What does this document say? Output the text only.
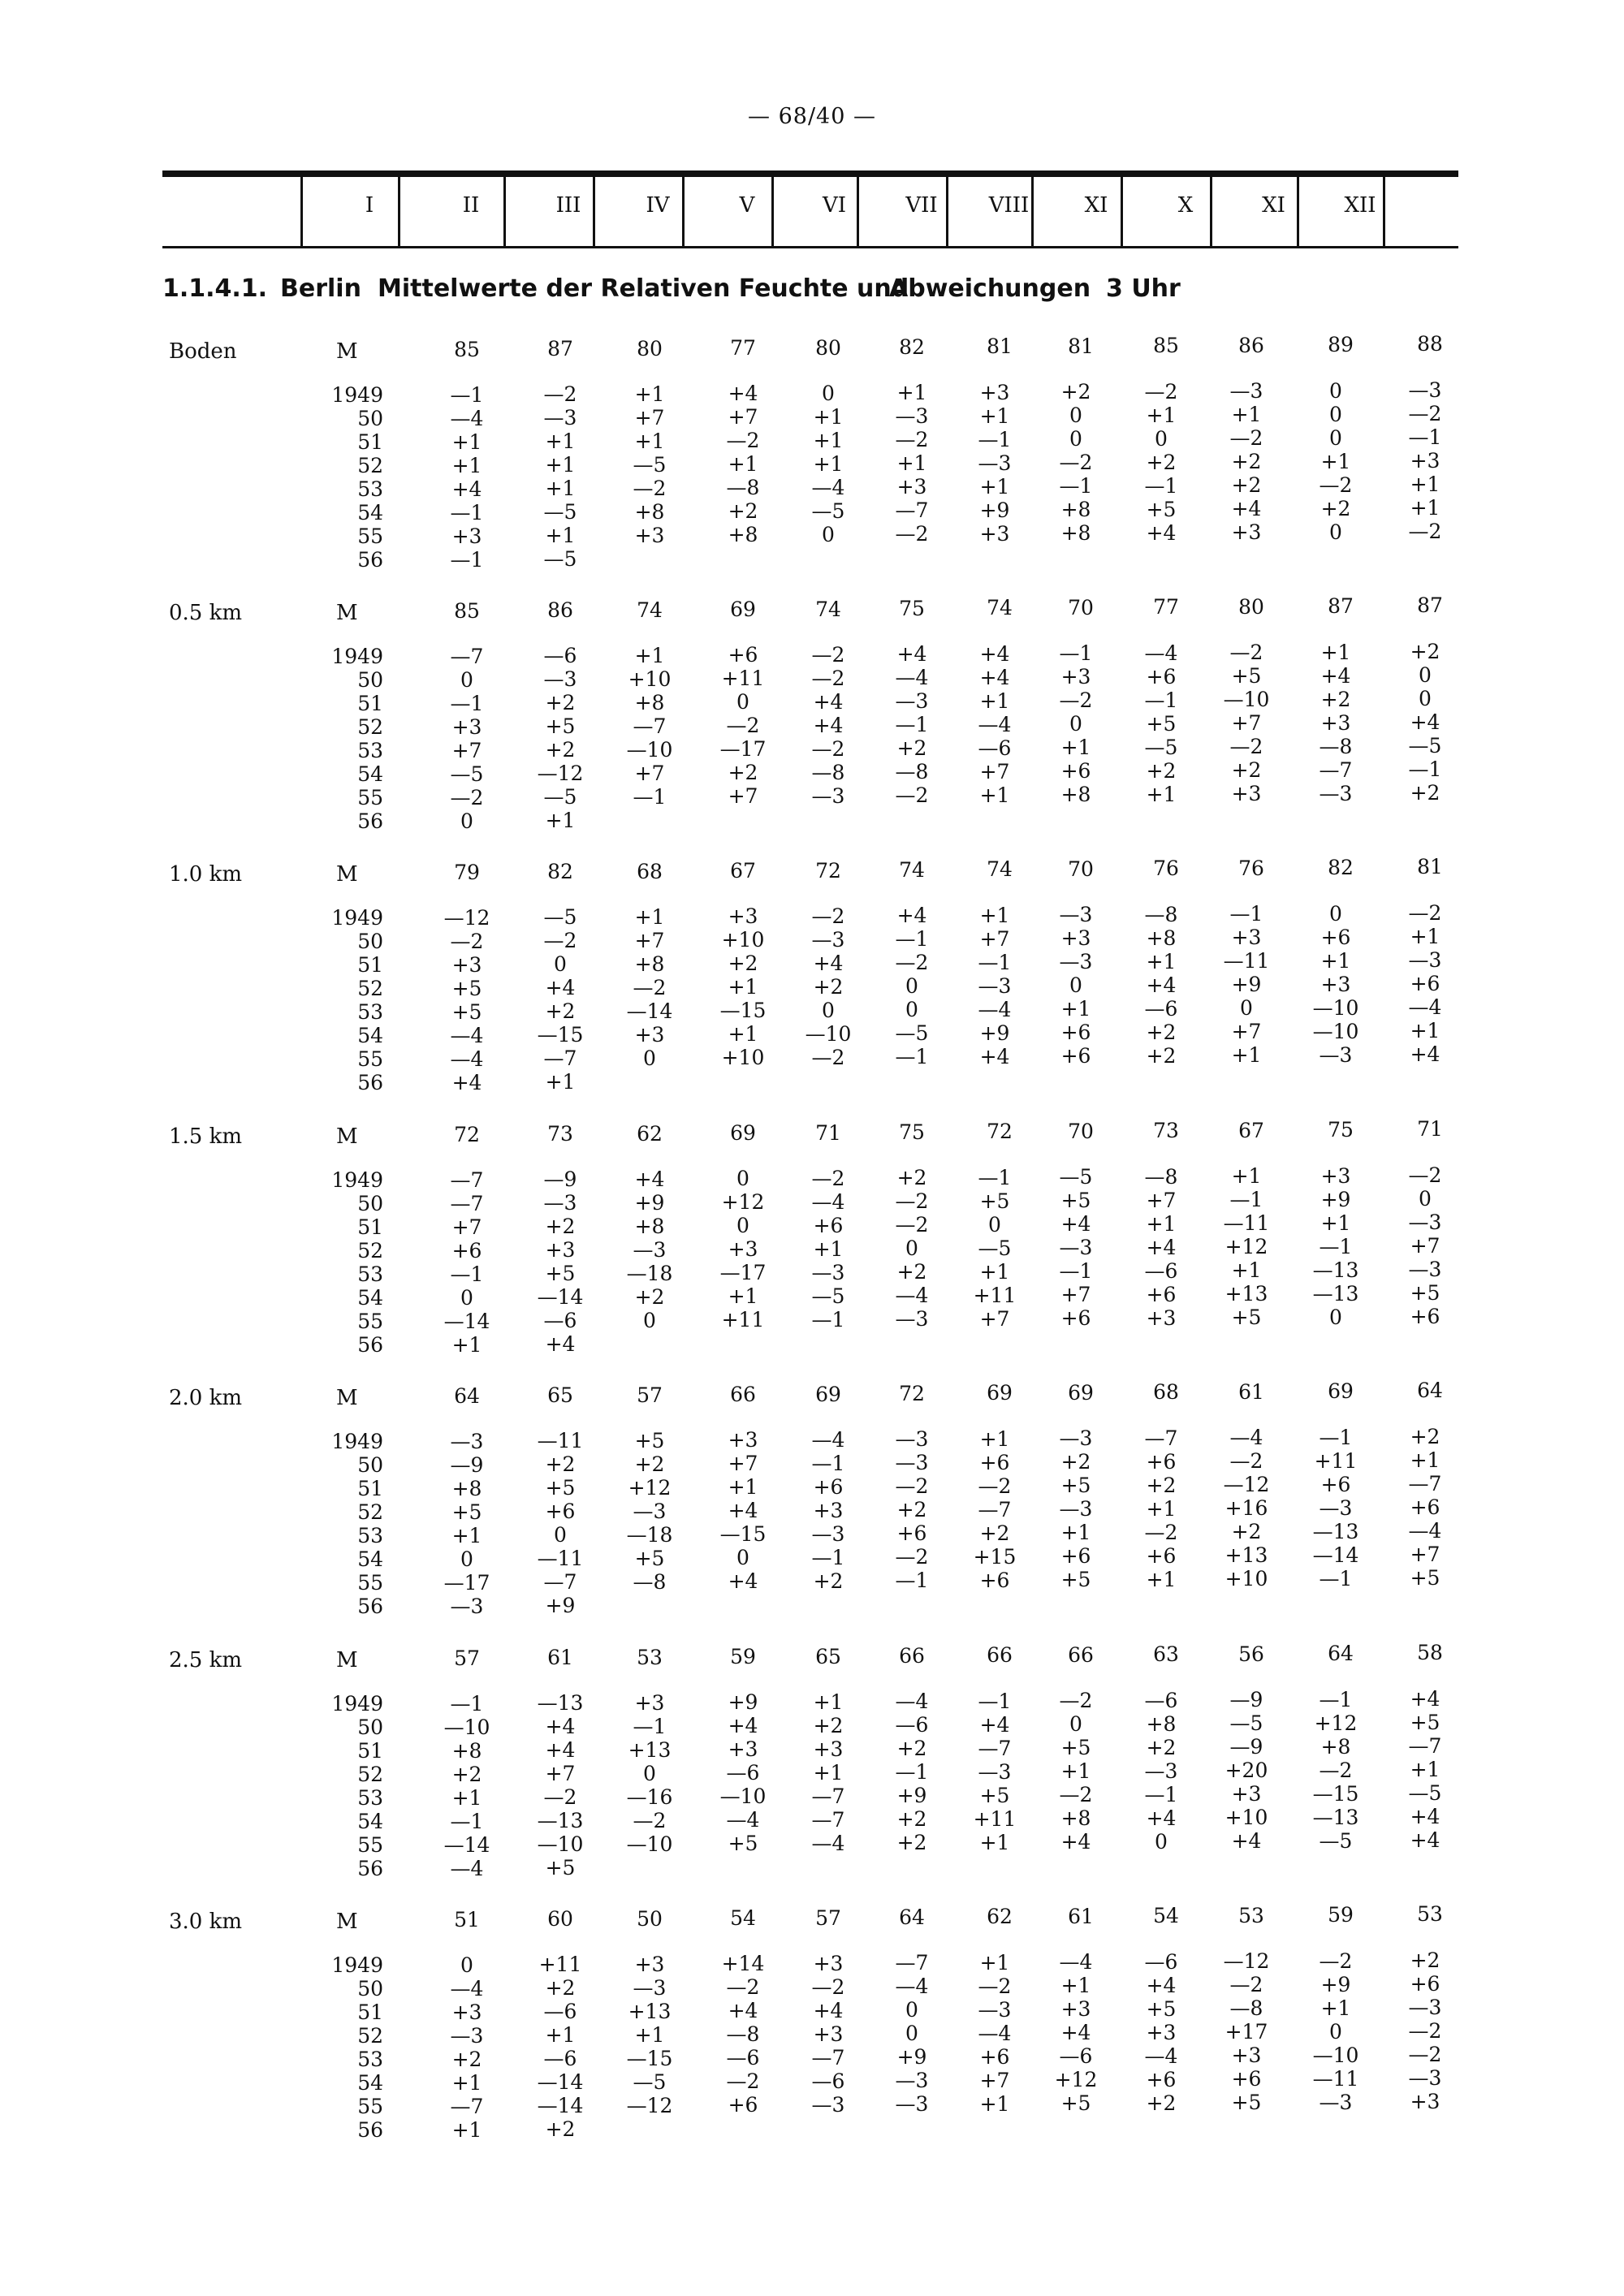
— 68/40 —
I	II	III	IV	V	VI	VII	VIII	XI	X	XI	XII
1.1.4.1. Berlin Mittelwerte der Relativen Feuchte und
Abweichungen 3 Uhr
Boden	M	85	87	80	77	80	82	81	81	85	86	89	88
1949	—1	—2	+1	+4	0	+1	+3	+2	—2	—3	0	—3
50	—4	—3	+7	+7	+1	—3	+1	0	+1	+1	0	—2
51	+1	+1	+1	—2	+1	—2	—1	0	0	—2	0	—1
52	+1	+1	—5	+1	+1	+1	—3	—2	+2	+2	+1	+3
53	+4	+1	—2	—8	—4	+3	+1	—1	—1	+2	—2	+1
54	—1	—5	+8	+2	—5	—7	+9	+8	+5	+4	+2	+1
55	+3	+1	+3	+8	0	—2	+3	+8	+4	+3	0	—2
56	—1	—5
0.5 km	M	85	86	74	69	74	75	74	70	77	80	87	87
1949	—7	—6	+1	+6	—2	+4	+4	—1	—4	—2	+1	+2
50	0	—3	+10	+11	—2	—4	+4	+3	+6	+5	+4	0
51	—1	+2	+8	0	+4	—3	+1	—2	—1	—10	+2	0
52	+3	+5	—7	—2	+4	—1	—4	0	+5	+7	+3	+4
53	+7	+2	—10	—17	—2	+2	—6	+1	—5	—2	—8	—5
54	—5	—12	+7	+2	—8	—8	+7	+6	+2	+2	—7	—1
55	—2	—5	—1	+7	—3	—2	+1	+8	+1	+3	—3	+2
56	0	+1
1.0 km	M	79	82	68	67	72	74	74	70	76	76	82	81
1949	—12	—5	+1	+3	—2	+4	+1	—3	—8	—1	0	—2
50	—2	—2	+7	+10	—3	—1	+7	+3	+8	+3	+6	+1
51	+3	0	+8	+2	+4	—2	—1	—3	+1	—11	+1	—3
52	+5	+4	—2	+1	+2	0	—3	0	+4	+9	+3	+6
53	+5	+2	—14	—15	0	0	—4	+1	—6	0	—10	—4
54	—4	—15	+3	+1	—10	—5	+9	+6	+2	+7	—10	+1
55	—4	—7	0	+10	—2	—1	+4	+6	+2	+1	—3	+4
56	+4	+1
1.5 km	M	72	73	62	69	71	75	72	70	73	67	75	71
1949	—7	—9	+4	0	—2	+2	—1	—5	—8	+1	+3	—2
50	—7	—3	+9	+12	—4	—2	+5	+5	+7	—1	+9	0
51	+7	+2	+8	0	+6	—2	0	+4	+1	—11	+1	—3
52	+6	+3	—3	+3	+1	0	—5	—3	+4	+12	—1	+7
53	—1	+5	—18	—17	—3	+2	+1	—1	—6	+1	—13	—3
54	0	—14	+2	+1	—5	—4	+11	+7	+6	+13	—13	+5
55	—14	—6	0	+11	—1	—3	+7	+6	+3	+5	0	+6
56	+1	+4
2.0 km	M	64	65	57	66	69	72	69	69	68	61	69	64
1949	—3	—11	+5	+3	—4	—3	+1	—3	—7	—4	—1	+2
50	—9	+2	+2	+7	—1	—3	+6	+2	+6	—2	+11	+1
51	+8	+5	+12	+1	+6	—2	—2	+5	+2	—12	+6	—7
52	+5	+6	—3	+4	+3	+2	—7	—3	+1	+16	—3	+6
53	+1	0	—18	—15	—3	+6	+2	+1	—2	+2	—13	—4
54	0	—11	+5	0	—1	—2	+15	+6	+6	+13	—14	+7
55	—17	—7	—8	+4	+2	—1	+6	+5	+1	+10	—1	+5
56	—3	+9
2.5 km	M	57	61	53	59	65	66	66	66	63	56	64	58
1949	—1	—13	+3	+9	+1	—4	—1	—2	—6	—9	—1	+4
50	—10	+4	—1	+4	+2	—6	+4	0	+8	—5	+12	+5
51	+8	+4	+13	+3	+3	+2	—7	+5	+2	—9	+8	—7
52	+2	+7	0	—6	+1	—1	—3	+1	—3	+20	—2	+1
53	+1	—2	—16	—10	—7	+9	+5	—2	—1	+3	—15	—5
54	—1	—13	—2	—4	—7	+2	+11	+8	+4	+10	—13	+4
55	—14	—10	—10	+5	—4	+2	+1	+4	0	+4	—5	+4
56	—4	+5
3.0 km	M	51	60	50	54	57	64	62	61	54	53	59	53
1949	0	+11	+3	+14	+3	—7	+1	—4	—6	—12	—2	+2
50	—4	+2	—3	—2	—2	—4	—2	+1	+4	—2	+9	+6
51	+3	—6	+13	+4	+4	0	—3	+3	+5	—8	+1	—3
52	—3	+1	+1	—8	+3	0	—4	+4	+3	+17	0	—2
53	+2	—6	—15	—6	—7	+9	+6	—6	—4	+3	—10	—2
54	+1	—14	—5	—2	—6	—3	+7	+12	+6	+6	—11	—3
55	—7	—14	—12	+6	—3	—3	+1	+5	+2	+5	—3	+3
56	+1	+2
